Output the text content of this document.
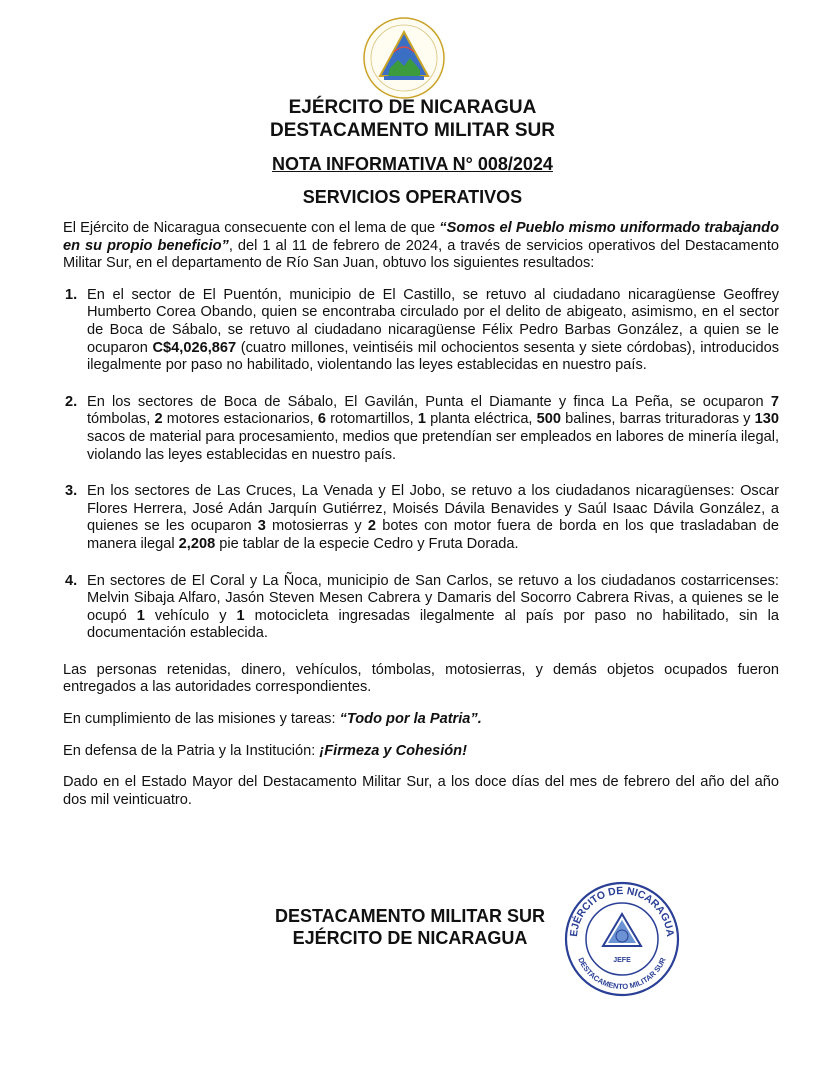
EJÉRCITO DE NICARAGUA
DESTACAMENTO MILITAR SUR
NOTA INFORMATIVA N° 008/2024
SERVICIOS OPERATIVOS

El Ejército de Nicaragua consecuente con el lema de que “Somos el Pueblo mismo uniformado trabajando en su propio beneficio”, del 1 al 11 de febrero de 2024, a través de servicios operativos del Destacamento Militar Sur, en el departamento de Río San Juan, obtuvo los siguientes resultados:

1. En el sector de El Puentón, municipio de El Castillo, se retuvo al ciudadano nicaragüense Geoffrey Humberto Corea Obando, quien se encontraba circulado por el delito de abigeato, asimismo, en el sector de Boca de Sábalo, se retuvo al ciudadano nicaragüense Félix Pedro Barbas González, a quien se le ocuparon C$4,026,867 (cuatro millones, veintiséis mil ochocientos sesenta y siete córdobas), introducidos ilegalmente por paso no habilitado, violentando las leyes establecidas en nuestro país.
2. En los sectores de Boca de Sábalo, El Gavilán, Punta el Diamante y finca La Peña, se ocuparon 7 tómbolas, 2 motores estacionarios, 6 rotomartillos, 1 planta eléctrica, 500 balines, barras trituradoras y 130 sacos de material para procesamiento, medios que pretendían ser empleados en labores de minería ilegal, violando las leyes establecidas en nuestro país.
3. En los sectores de Las Cruces, La Venada y El Jobo, se retuvo a los ciudadanos nicaragüenses: Oscar Flores Herrera, José Adán Jarquín Gutiérrez, Moisés Dávila Benavides y Saúl Isaac Dávila González, a quienes se les ocuparon 3 motosierras y 2 botes con motor fuera de borda en los que trasladaban de manera ilegal 2,208 pie tablar de la especie Cedro y Fruta Dorada.
4. En sectores de El Coral y La Ñoca, municipio de San Carlos, se retuvo a los ciudadanos costarricenses: Melvin Sibaja Alfaro, Jasón Steven Mesen Cabrera y Damaris del Socorro Cabrera Rivas, a quienes se le ocupó 1 vehículo y 1 motocicleta ingresadas ilegalmente al país por paso no habilitado, sin la documentación establecida.

Las personas retenidas, dinero, vehículos, tómbolas, motosierras, y demás objetos ocupados fueron entregados a las autoridades correspondientes.

En cumplimiento de las misiones y tareas: “Todo por la Patria”.

En defensa de la Patria y la Institución: ¡Firmeza y Cohesión!

Dado en el Estado Mayor del Destacamento Militar Sur, a los doce días del mes de febrero del año del año dos mil veinticuatro.

DESTACAMENTO MILITAR SUR
EJÉRCITO DE NICARAGUA	EJÉRCITO DE NICARAGUA
DESTACAMENTO MILITAR SUR
JEFE
